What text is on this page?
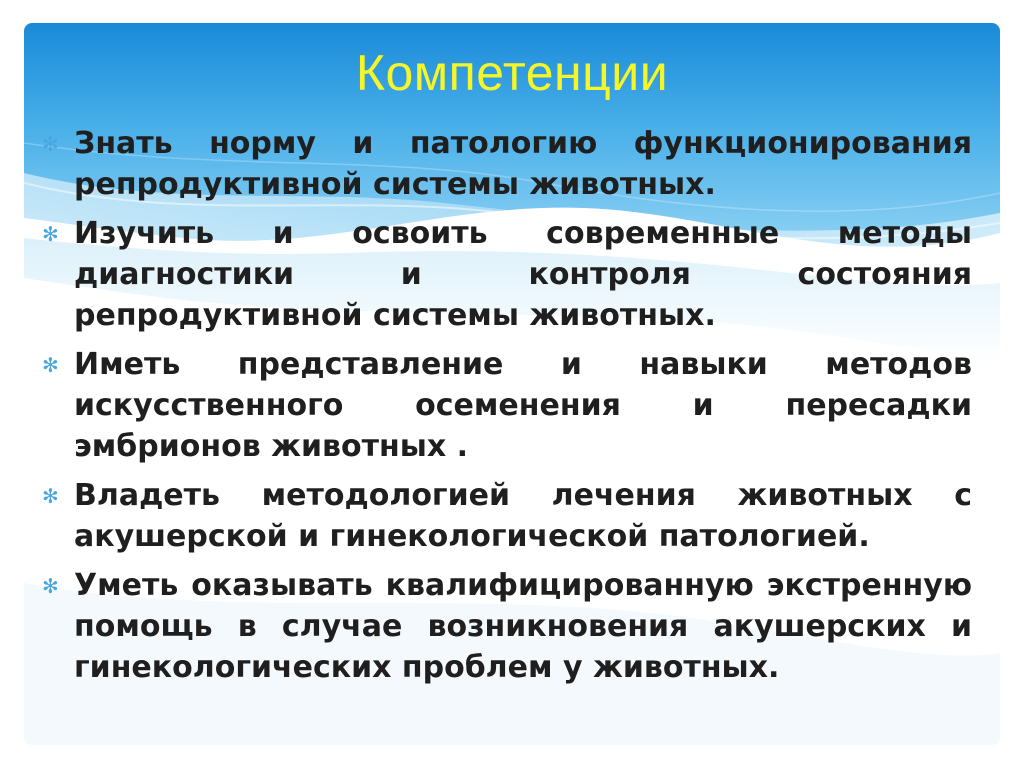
Компетенции
✻ Знать норму и патологию функционирования репродуктивной системы животных.
✻ Изучить и освоить современные методы диагностики и контроля состояния репродуктивной системы животных.
✻ Иметь представление и навыки методов искусственного осеменения и пересадки эмбрионов животных .
✻ Владеть методологией лечения животных с акушерской и гинекологической патологией.
✻ Уметь оказывать квалифицированную экстренную помощь в случае возникновения акушерских и гинекологических проблем у животных.
